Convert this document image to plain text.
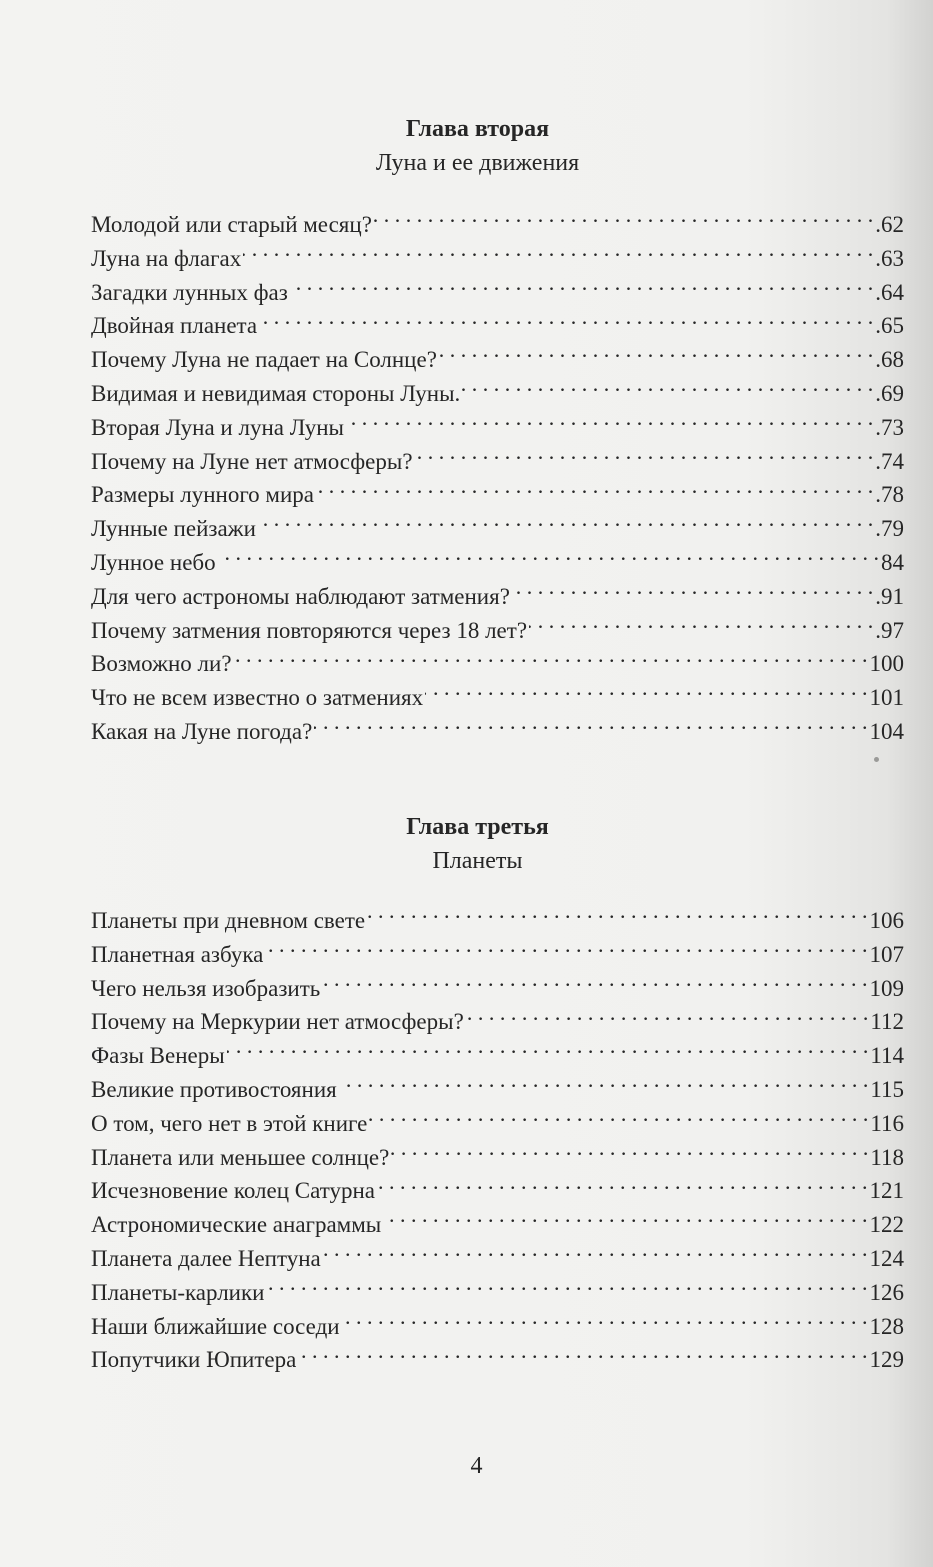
Глава вторая
Луна и ее движения
Молодой или старый месяц? . . .	.62
Луна на флагах . . .	.63
Загадки лунных фаз . . .	.64
Двойная планета . . .	.65
Почему Луна не падает на Солнце? . . .	.68
Видимая и невидимая стороны Луны. . . .	.69
Вторая Луна и луна Луны . . .	.73
Почему на Луне нет атмосферы? . . .	.74
Размеры лунного мира . . .	.78
Лунные пейзажи . . .	.79
Лунное небо . . .	84
Для чего астрономы наблюдают затмения? . . .	.91
Почему затмения повторяются через 18 лет? . . .	.97
Возможно ли? . . .	100
Что не всем известно о затмениях . . .	101
Какая на Луне погода? . . .	104
Глава третья
Планеты
Планеты при дневном свете . . .	106
Планетная азбука . . .	107
Чего нельзя изобразить . . .	109
Почему на Меркурии нет атмосферы? . . .	112
Фазы Венеры . . .	114
Великие противостояния . . .	115
О том, чего нет в этой книге . . .	116
Планета или меньшее солнце? . . .	118
Исчезновение колец Сатурна . . .	121
Астрономические анаграммы . . .	122
Планета далее Нептуна . . .	124
Планеты-карлики . . .	126
Наши ближайшие соседи . . .	128
Попутчики Юпитера . . .	129
4
